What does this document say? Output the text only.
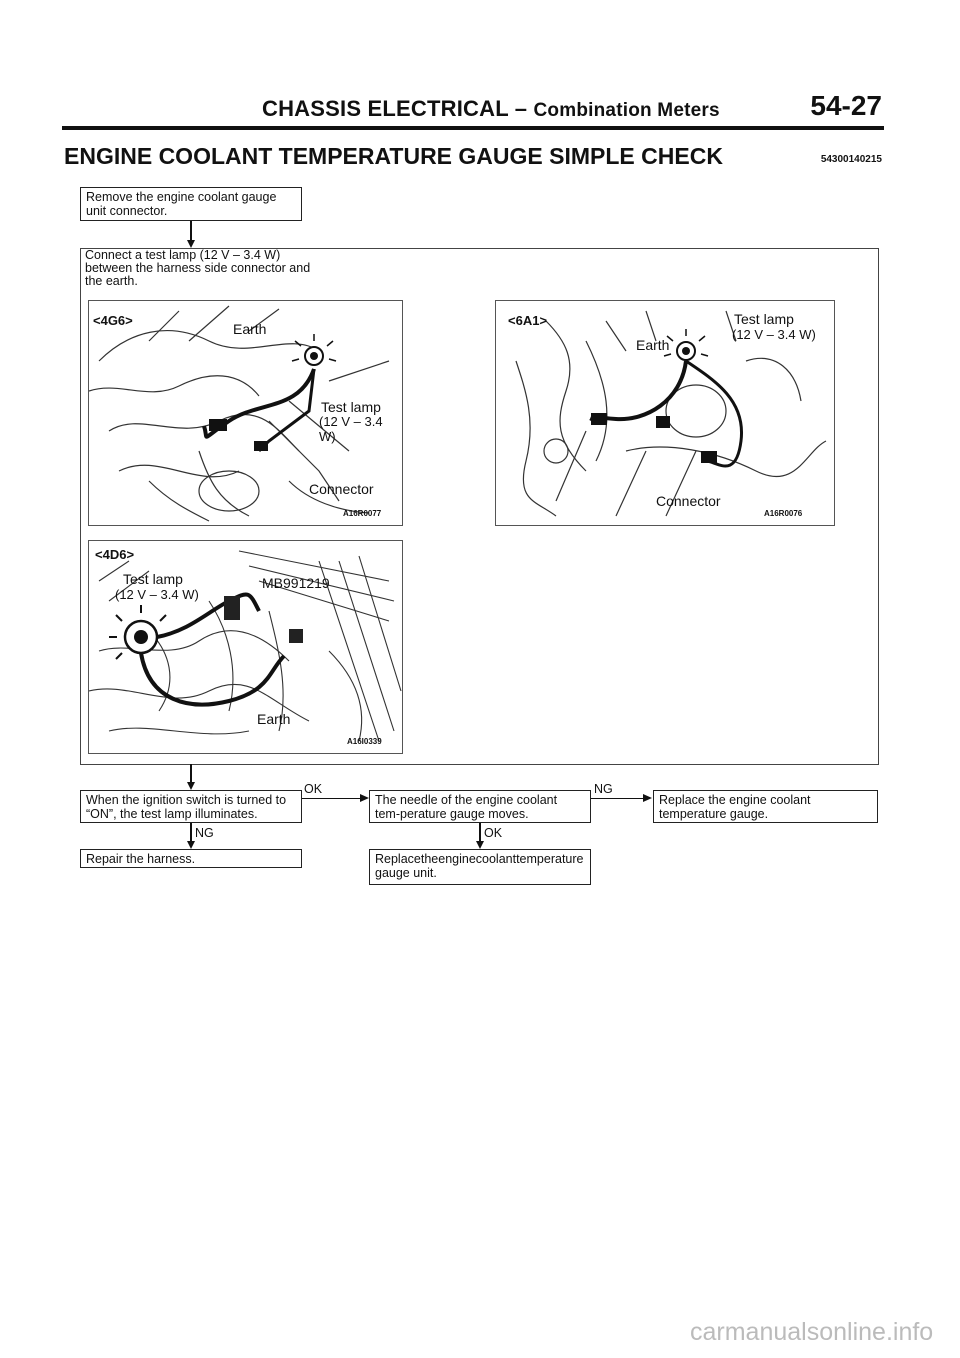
CHASSIS ELECTRICAL – Combination Meters	54-27
ENGINE COOLANT TEMPERATURE GAUGE SIMPLE CHECK	54300140215
Remove the engine coolant gauge unit connector.
Connect a test lamp (12 V – 3.4 W) between the harness side connector and the earth.
<4G6>
Earth
Test lamp
(12 V – 3.4 W)
Connector
A16R0077
<6A1>
Earth
Test lamp
(12 V – 3.4 W)
Connector
A16R0076
<4D6>
Test lamp
(12 V – 3.4 W)
MB991219
Earth
A16I0339
When the ignition switch is turned to “ON”, the test lamp illuminates.
OK
The needle of the engine coolant tem-perature gauge moves.
NG
Replace the engine coolant temperature gauge.
NG
Repair the harness.
OK
Replacetheenginecoolanttemperature gauge unit.
carmanualsonline.info
